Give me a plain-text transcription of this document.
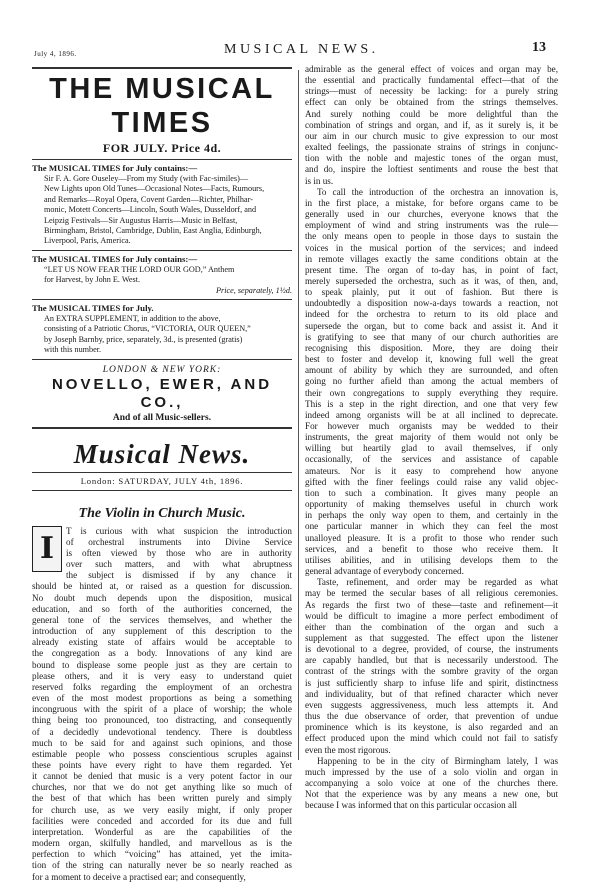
July 4, 1896.	MUSICAL NEWS.	13

THE MUSICAL TIMES

FOR JULY. Price 4d.

The MUSICAL TIMES for July contains:—

Sir F. A. Gore Ouseley—From my Study (with Fac-similes)—

New Lights upon Old Tunes—Occasional Notes—Facts, Rumours,

and Remarks—Royal Opera, Covent Garden—Richter, Philhar-

monic, Motett Concerts—Lincoln, South Wales, Dusseldorf, and

Leipzig Festivals—Sir Augustus Harris—Music in Belfast,

Birmingham, Bristol, Cambridge, Dublin, East Anglia, Edinburgh,

Liverpool, Paris, America.

The MUSICAL TIMES for July contains:—

“LET US NOW FEAR THE LORD OUR GOD,” Anthem

for Harvest, by John E. West.

Price, separately, 1½d.

The MUSICAL TIMES for July.

An EXTRA SUPPLEMENT, in addition to the above,

consisting of a Patriotic Chorus, “VICTORIA, OUR QUEEN,”

by Joseph Barnby, price, separately, 3d., is presented (gratis)

with this number.

LONDON & NEW YORK:

NOVELLO, EWER, AND CO.,

And of all Music-sellers.

Musical News.

London: SATURDAY, JULY 4th, 1896.

The Violin in Church Music.

I	T is curious with what suspicion the introduction
of orchestral instruments into Divine Service
is often viewed by those who are in authority
over such matters, and with what abruptness
the subject is dismissed if by any chance it
should be hinted at, or raised as a question for discussion.
No doubt much depends upon the disposition, musical
education, and so forth of the authorities concerned, the
general tone of the services themselves, and whether the
introduction of any supplement of this description to the
already existing state of affairs would be acceptable to
the congregation as a body. Innovations of any kind are
bound to displease some people just as they are certain to
please others, and it is very easy to understand quiet
reserved folks regarding the employment of an orchestra
even of the most modest proportions as being a something
incongruous with the spirit of a place of worship; the whole
thing being too pronounced, too distracting, and consequently
of a decidedly undevotional tendency. There is doubtless
much to be said for and against such opinions, and those
estimable people who possess conscientious scruples against
these points have every right to have them regarded. Yet
it cannot be denied that music is a very potent factor in our
churches, nor that we do not get anything like so much of
the best of that which has been written purely and simply
for church use, as we very easily might, if only proper
facilities were conceded and accorded for its due and full
interpretation. Wonderful as are the capabilities of the
modern organ, skilfully handled, and marvellous as is the
perfection to which “voicing” has attained, yet the imita-
tion of the string can naturally never be so nearly reached as
for a moment to deceive a practised ear; and consequently,
admirable as the general effect of voices and organ may be,
the essential and practically fundamental effect—that of the
strings—must of necessity be lacking: for a purely string
effect can only be obtained from the strings themselves.
And surely nothing could be more delightful than the
combination of strings and organ, and if, as it surely is, it be
our aim in our church music to give expression to our most
exalted feelings, the passionate strains of strings in conjunc-
tion with the noble and majestic tones of the organ must,
and do, inspire the loftiest sentiments and rouse the best that
is in us.
To call the introduction of the orchestra an innovation is,
in the first place, a mistake, for before organs came to be
generally used in our churches, everyone knows that the
employment of wind and string instruments was the rule—
the only means open to people in those days to sustain the
voices in the musical portion of the services; and indeed
in remote villages exactly the same conditions obtain at the
present time. The organ of to-day has, in point of fact,
merely superseded the orchestra, such as it was, of then, and,
to speak plainly, put it out of fashion. But there is
undoubtedly a disposition now-a-days towards a reaction, not
indeed for the orchestra to return to its old place and
supersede the organ, but to come back and assist it. And it
is gratifying to see that many of our church authorities are
recognising this disposition. More, they are doing their
best to foster and develop it, knowing full well the great
amount of ability by which they are surrounded, and often
going no further afield than among the actual members of
their own congregations to supply everything they require.
This is a step in the right direction, and one that very few
indeed among organists will be at all inclined to deprecate.
For however much organists may be wedded to their
instruments, the great majority of them would not only be
willing but heartily glad to avail themselves, if only
occasionally, of the services and assistance of capable
amateurs. Nor is it easy to comprehend how anyone
gifted with the finer feelings could raise any valid objec-
tion to such a combination. It gives many people an
opportunity of making themselves useful in church work
in perhaps the only way open to them, and certainly in the
one particular manner in which they can feel the most
unalloyed pleasure. It is a profit to those who render such
services, and a benefit to those who receive them. It
utilises abilities, and in utilising develops them to the
general advantage of everybody concerned.
Taste, refinement, and order may be regarded as what
may be termed the secular bases of all religious ceremonies.
As regards the first two of these—taste and refinement—it
would be difficult to imagine a more perfect embodiment of
either than the combination of the organ and such a
supplement as that suggested. The effect upon the listener
is devotional to a degree, provided, of course, the instruments
are capably handled, but that is necessarily understood. The
contrast of the strings with the sombre gravity of the organ
is just sufficiently sharp to infuse life and spirit, distinctness
and individuality, but of that refined character which never
even suggests aggressiveness, much less attempts it. And
thus the due observance of order, that prevention of undue
prominence which is its keystone, is also regarded and an
effect produced upon the mind which could not fail to satisfy
even the most rigorous.
Happening to be in the city of Birmingham lately, I was
much impressed by the use of a solo violin and organ in
accompanying a solo voice at one of the churches there.
Not that the experience was by any means a new one, but
because I was informed that on this particular occasion all
